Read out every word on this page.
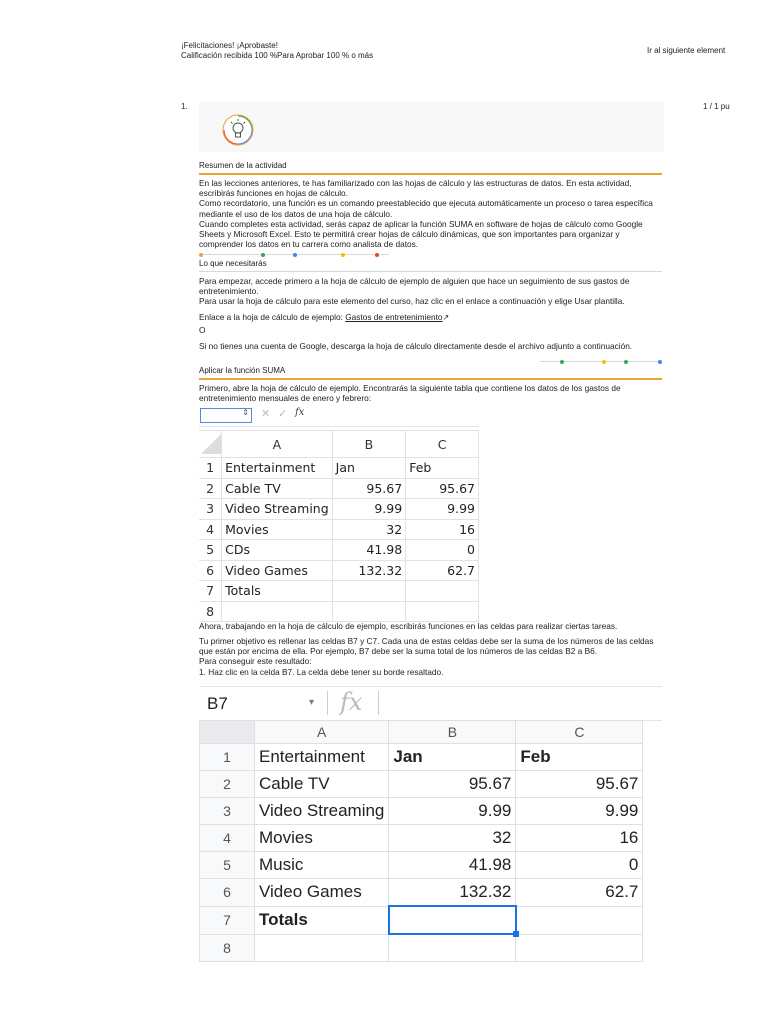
¡Felicitaciones! ¡Aprobaste!
Calificación recibida 100 %Para Aprobar 100 % o más
Ir al siguiente element
1.	1 / 1 pu
Resumen de la actividad
En las lecciones anteriores, te has familiarizado con las hojas de cálculo y las estructuras de datos. En esta actividad, escribirás funciones en hojas de cálculo.
Como recordatorio, una función es un comando preestablecido que ejecuta automáticamente un proceso o tarea específica mediante el uso de los datos de una hoja de cálculo.
Cuando completes esta actividad, serás capaz de aplicar la función SUMA en software de hojas de cálculo como Google Sheets y Microsoft Excel. Esto te permitirá crear hojas de cálculo dinámicas, que son importantes para organizar y comprender los datos en tu carrera como analista de datos.
Lo que necesitarás
Para empezar, accede primero a la hoja de cálculo de ejemplo de alguien que hace un seguimiento de sus gastos de entretenimiento.
Para usar la hoja de cálculo para este elemento del curso, haz clic en el enlace a continuación y elige Usar plantilla.
Enlace a la hoja de cálculo de ejemplo: Gastos de entretenimiento↗
O
Si no tienes una cuenta de Google, descarga la hoja de cálculo directamente desde el archivo adjunto a continuación.
Aplicar la función SUMA
Primero, abre la hoja de cálculo de ejemplo. Encontrarás la siguiente tabla que contiene los datos de los gastos de entretenimiento mensuales de enero y febrero:
⇕ ✕ ✓ fx
	A	B	C
1	Entertainment	Jan	Feb
2	Cable TV	95.67	95.67
3	Video Streaming	9.99	9.99
4	Movies	32	16
5	CDs	41.98	0
6	Video Games	132.32	62.7
7	Totals		
8			
Ahora, trabajando en la hoja de cálculo de ejemplo, escribirás funciones en las celdas para realizar ciertas tareas.
Tu primer objetivo es rellenar las celdas B7 y C7. Cada una de estas celdas debe ser la suma de los números de las celdas que están por encima de ella. Por ejemplo, B7 debe ser la suma total de los números de las celdas B2 a B6.
Para conseguir este resultado:
1. Haz clic en la celda B7. La celda debe tener su borde resaltado.
B7	▾ fx
	A	B	C
1	Entertainment	Jan	Feb
2	Cable TV	95.67	95.67
3	Video Streaming	9.99	9.99
4	Movies	32	16
5	Music	41.98	0
6	Video Games	132.32	62.7
7	Totals	

8			
